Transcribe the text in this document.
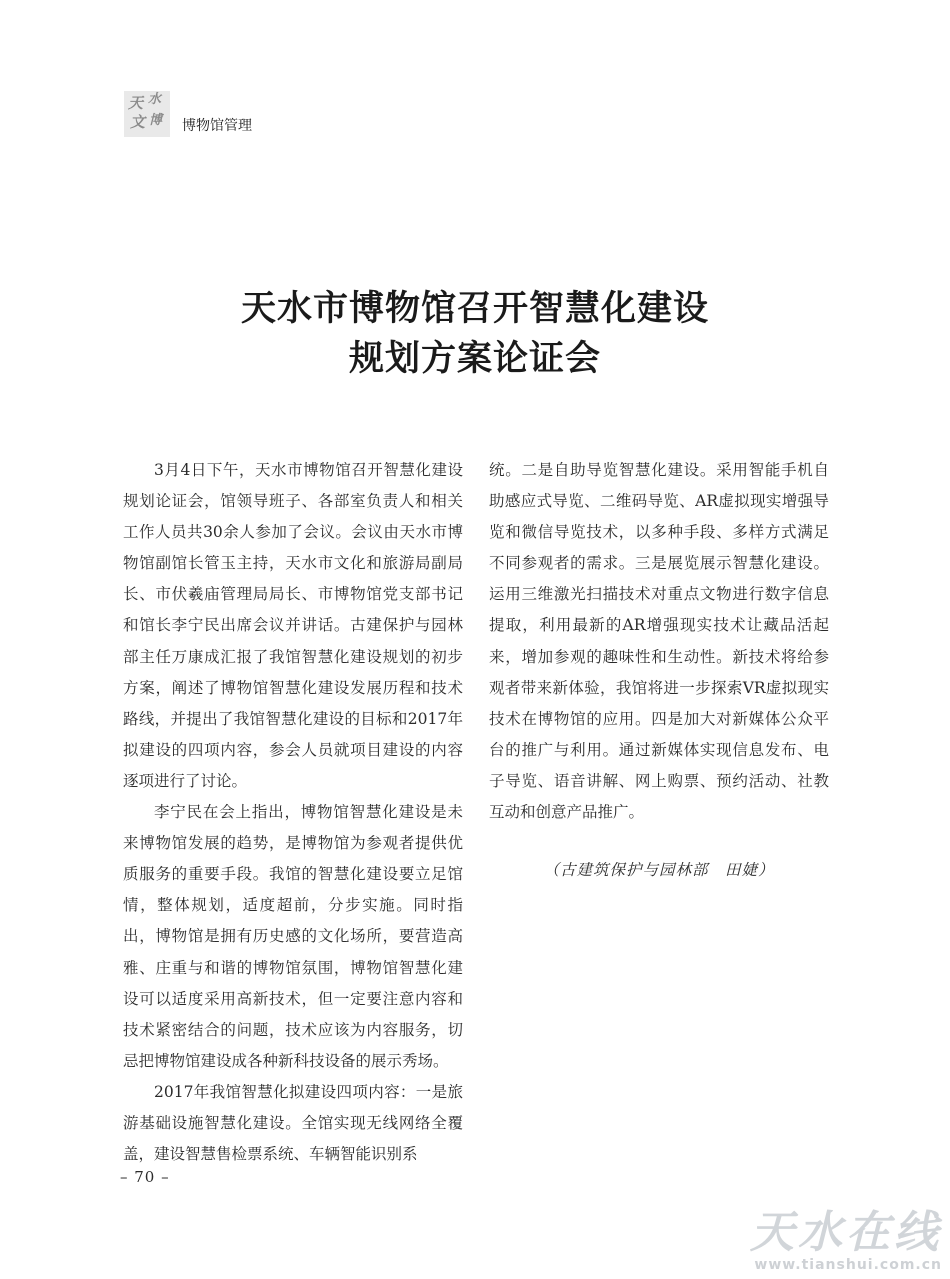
天 水
文 博 博物馆管理
天水市博物馆召开智慧化建设
规划方案论证会

3月4日下午，天水市博物馆召开智慧化建设规划论证会，馆领导班子、各部室负责人和相关工作人员共30余人参加了会议。会议由天水市博物馆副馆长管玉主持，天水市文化和旅游局副局长、市伏羲庙管理局局长、市博物馆党支部书记和馆长李宁民出席会议并讲话。古建保护与园林部主任万康成汇报了我馆智慧化建设规划的初步方案，阐述了博物馆智慧化建设发展历程和技术路线，并提出了我馆智慧化建设的目标和2017年拟建设的四项内容，参会人员就项目建设的内容逐项进行了讨论。

李宁民在会上指出，博物馆智慧化建设是未来博物馆发展的趋势，是博物馆为参观者提供优质服务的重要手段。我馆的智慧化建设要立足馆情，整体规划，适度超前，分步实施。同时指出，博物馆是拥有历史感的文化场所，要营造高雅、庄重与和谐的博物馆氛围，博物馆智慧化建设可以适度采用高新技术，但一定要注意内容和技术紧密结合的问题，技术应该为内容服务，切忌把博物馆建设成各种新科技设备的展示秀场。

2017年我馆智慧化拟建设四项内容：一是旅游基础设施智慧化建设。全馆实现无线网络全覆盖，建设智慧售检票系统、车辆智能识别系

统。二是自助导览智慧化建设。采用智能手机自助感应式导览、二维码导览、AR虚拟现实增强导览和微信导览技术，以多种手段、多样方式满足不同参观者的需求。三是展览展示智慧化建设。运用三维激光扫描技术对重点文物进行数字信息提取，利用最新的AR增强现实技术让藏品活起来，增加参观的趣味性和生动性。新技术将给参观者带来新体验，我馆将进一步探索VR虚拟现实技术在博物馆的应用。四是加大对新媒体公众平台的推广与利用。通过新媒体实现信息发布、电子导览、语音讲解、网上购票、预约活动、社教互动和创意产品推广。

（古建筑保护与园林部　田婕）
– 70 –
天水在线
www.tianshui.com.cn
